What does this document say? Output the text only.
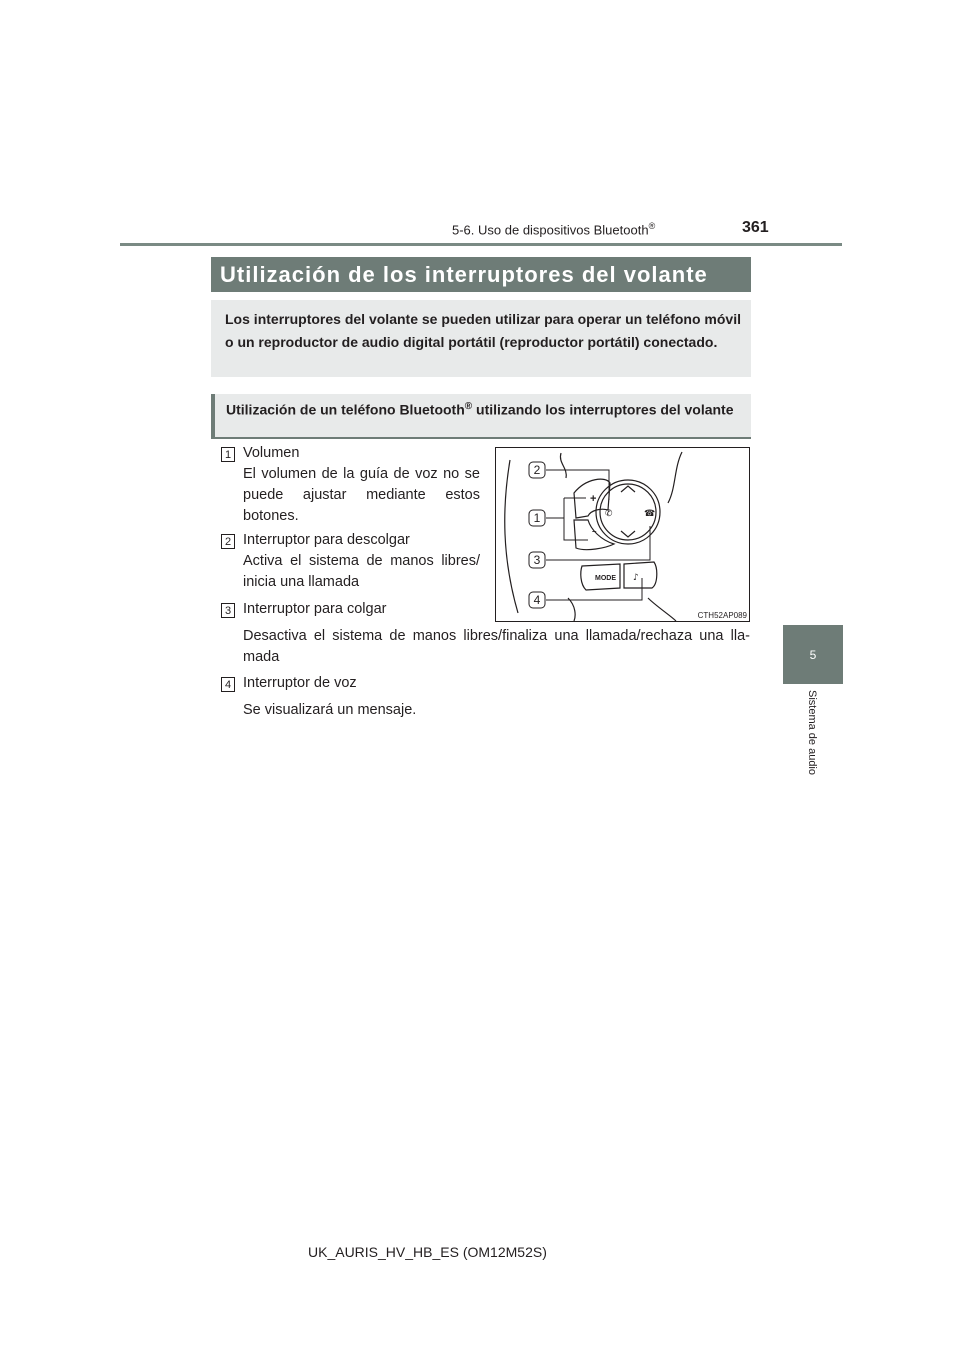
5-6. Uso de dispositivos Bluetooth®	361
5
Sistema de audio
Utilización de los interruptores del volante
Los interruptores del volante se pueden utilizar para operar un teléfono móvil o un reproductor de audio digital portátil (reproductor portátil) conectado.
Utilización de un teléfono Bluetooth® utilizando los interruptores del volante
1 Volumen
El volumen de la guía de voz no se puede ajustar mediante estos botones.
2 Interruptor para descolgar
Activa el sistema de manos libres/ inicia una llamada
3 Interruptor para colgar
Desactiva el sistema de manos libres/finaliza una llamada/rechaza una lla-mada
4 Interruptor de voz
Se visualizará un mensaje.
+
–
✆	☎
MODE ♪
2
1
3
4
CTH52AP089
UK_AURIS_HV_HB_ES (OM12M52S)
